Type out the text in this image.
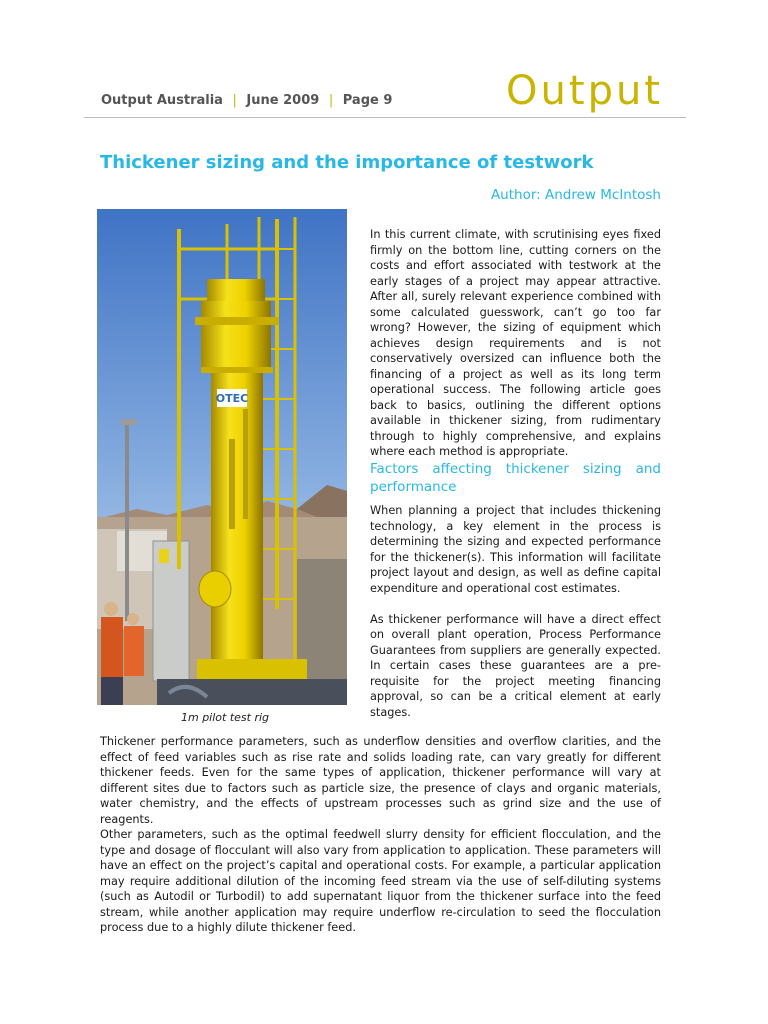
Output Australia | June 2009 | Page 9	Output
Thickener sizing and the importance of testwork
Author: Andrew McIntosh
OTEC
1m pilot test rig

In this current climate, with scrutinising eyes fixed firmly on the bottom line, cutting corners on the costs and effort associated with testwork at the early stages of a project may appear attractive. After all, surely relevant experience combined with some calculated guesswork, can’t go too far wrong? However, the sizing of equipment which achieves design requirements and is not conservatively oversized can influence both the financing of a project as well as its long term operational success. The following article goes back to basics, outlining the different options available in thickener sizing, from rudimentary through to highly comprehensive, and explains where each method is appropriate.

Factors affecting thickener sizing and performance

When planning a project that includes thickening technology, a key element in the process is determining the sizing and expected performance for the thickener(s). This information will facilitate project layout and design, as well as define capital expenditure and operational cost estimates.

As thickener performance will have a direct effect on overall plant operation, Process Performance Guarantees from suppliers are generally expected. In certain cases these guarantees are a pre-requisite for the project meeting financing approval, so can be a critical element at early stages.

Thickener performance parameters, such as underflow densities and overflow clarities, and the effect of feed variables such as rise rate and solids loading rate, can vary greatly for different thickener feeds. Even for the same types of application, thickener performance will vary at different sites due to factors such as particle size, the presence of clays and organic materials, water chemistry, and the effects of upstream processes such as grind size and the use of reagents.

Other parameters, such as the optimal feedwell slurry density for efficient flocculation, and the type and dosage of flocculant will also vary from application to application. These parameters will have an effect on the project’s capital and operational costs. For example, a particular application may require additional dilution of the incoming feed stream via the use of self-diluting systems (such as Autodil or Turbodil) to add supernatant liquor from the thickener surface into the feed stream, while another application may require underflow re-circulation to seed the flocculation process due to a highly dilute thickener feed.
